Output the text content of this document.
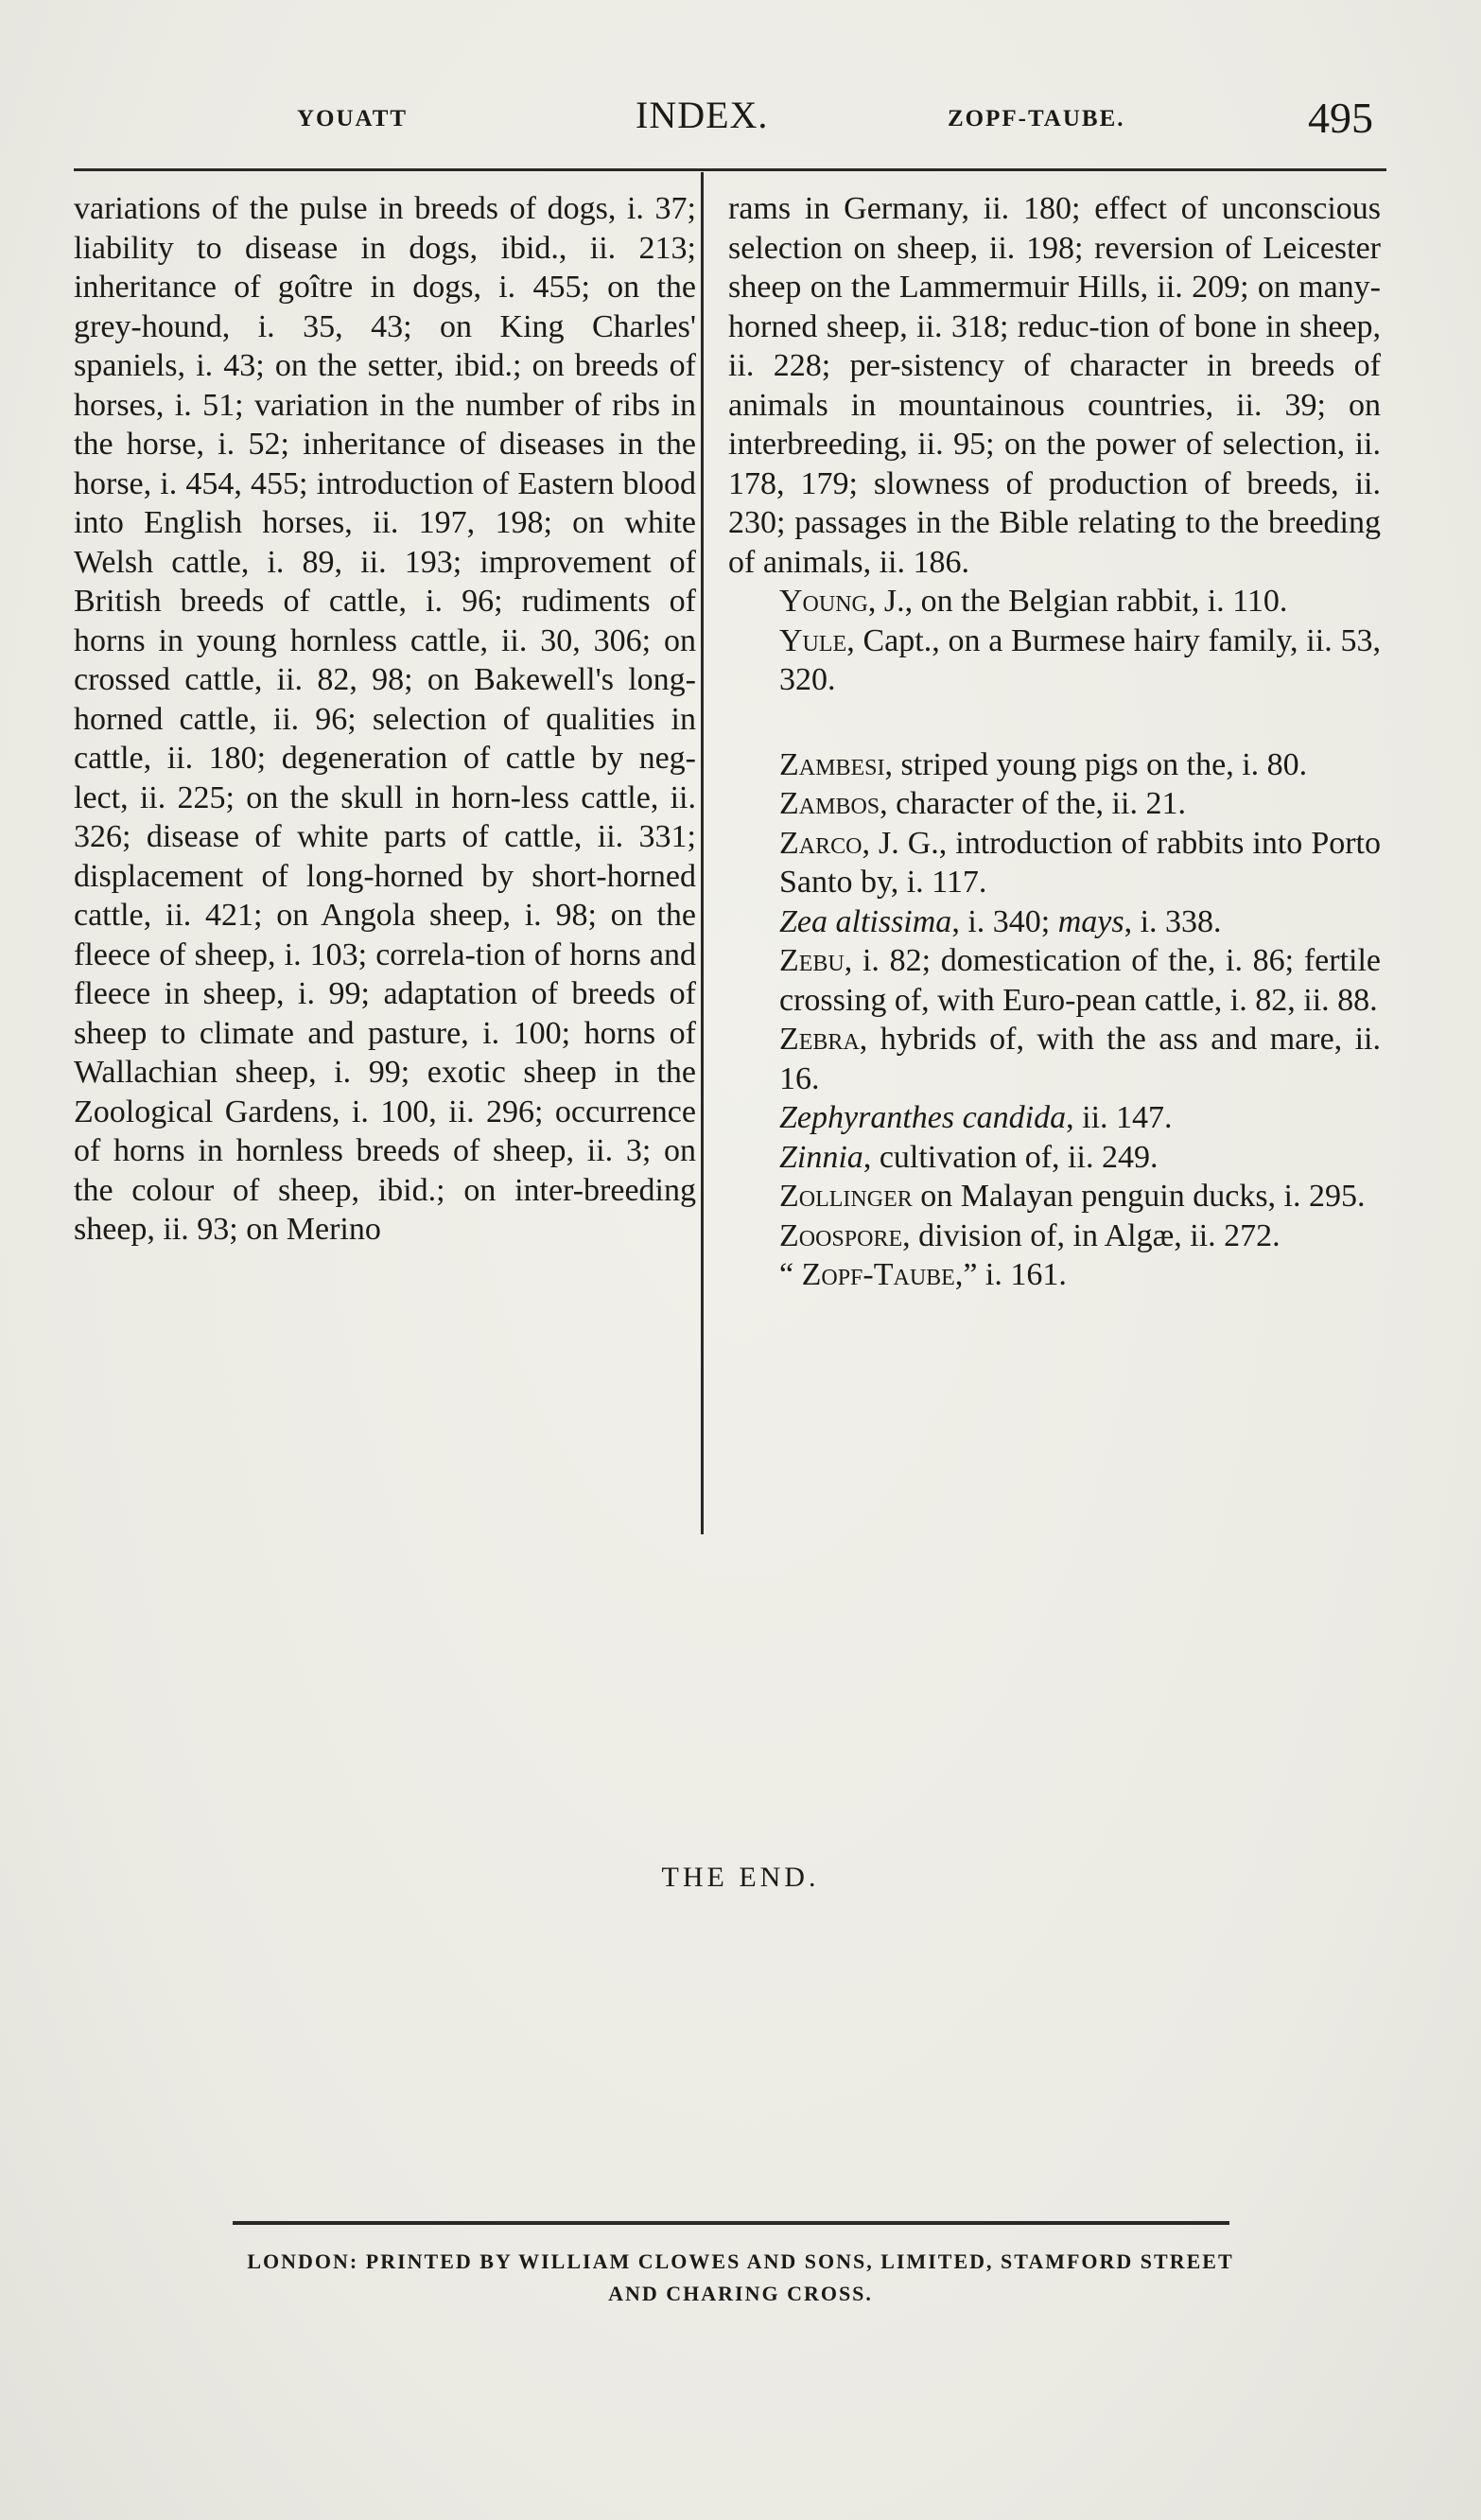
YOUATT	INDEX.	ZOPF-TAUBE.	495

variations of the pulse in breeds of dogs, i. 37; liability to disease in dogs, ibid., ii. 213; inheritance of goître in dogs, i. 455; on the grey-hound, i. 35, 43; on King Charles' spaniels, i. 43; on the setter, ibid.; on breeds of horses, i. 51; variation in the number of ribs in the horse, i. 52; inheritance of diseases in the horse, i. 454, 455; introduction of Eastern blood into English horses, ii. 197, 198; on white Welsh cattle, i. 89, ii. 193; improvement of British breeds of cattle, i. 96; rudiments of horns in young hornless cattle, ii. 30, 306; on crossed cattle, ii. 82, 98; on Bakewell's long-horned cattle, ii. 96; selection of qualities in cattle, ii. 180; degeneration of cattle by neg-lect, ii. 225; on the skull in horn-less cattle, ii. 326; disease of white parts of cattle, ii. 331; displacement of long-horned by short-horned cattle, ii. 421; on Angola sheep, i. 98; on the fleece of sheep, i. 103; correla-tion of horns and fleece in sheep, i. 99; adaptation of breeds of sheep to climate and pasture, i. 100; horns of Wallachian sheep, i. 99; exotic sheep in the Zoological Gardens, i. 100, ii. 296; occurrence of horns in hornless breeds of sheep, ii. 3; on the colour of sheep, ibid.; on inter-breeding sheep, ii. 93; on Merino

rams in Germany, ii. 180; effect of unconscious selection on sheep, ii. 198; reversion of Leicester sheep on the Lammermuir Hills, ii. 209; on many-horned sheep, ii. 318; reduc-tion of bone in sheep, ii. 228; per-sistency of character in breeds of animals in mountainous countries, ii. 39; on interbreeding, ii. 95; on the power of selection, ii. 178, 179; slowness of production of breeds, ii. 230; passages in the Bible relating to the breeding of animals, ii. 186.

Young, J., on the Belgian rabbit, i. 110.

Yule, Capt., on a Burmese hairy family, ii. 53, 320.

Zambesi, striped young pigs on the, i. 80.

Zambos, character of the, ii. 21.

Zarco, J. G., introduction of rabbits into Porto Santo by, i. 117.

Zea altissima, i. 340; mays, i. 338.

Zebu, i. 82; domestication of the, i. 86; fertile crossing of, with Euro-pean cattle, i. 82, ii. 88.

Zebra, hybrids of, with the ass and mare, ii. 16.

Zephyranthes candida, ii. 147.

Zinnia, cultivation of, ii. 249.

Zollinger on Malayan penguin ducks, i. 295.

Zoospore, division of, in Algæ, ii. 272.

“ Zopf-Taube,” i. 161.

THE END.
LONDON: PRINTED BY WILLIAM CLOWES AND SONS, LIMITED, STAMFORD STREET
AND CHARING CROSS.
